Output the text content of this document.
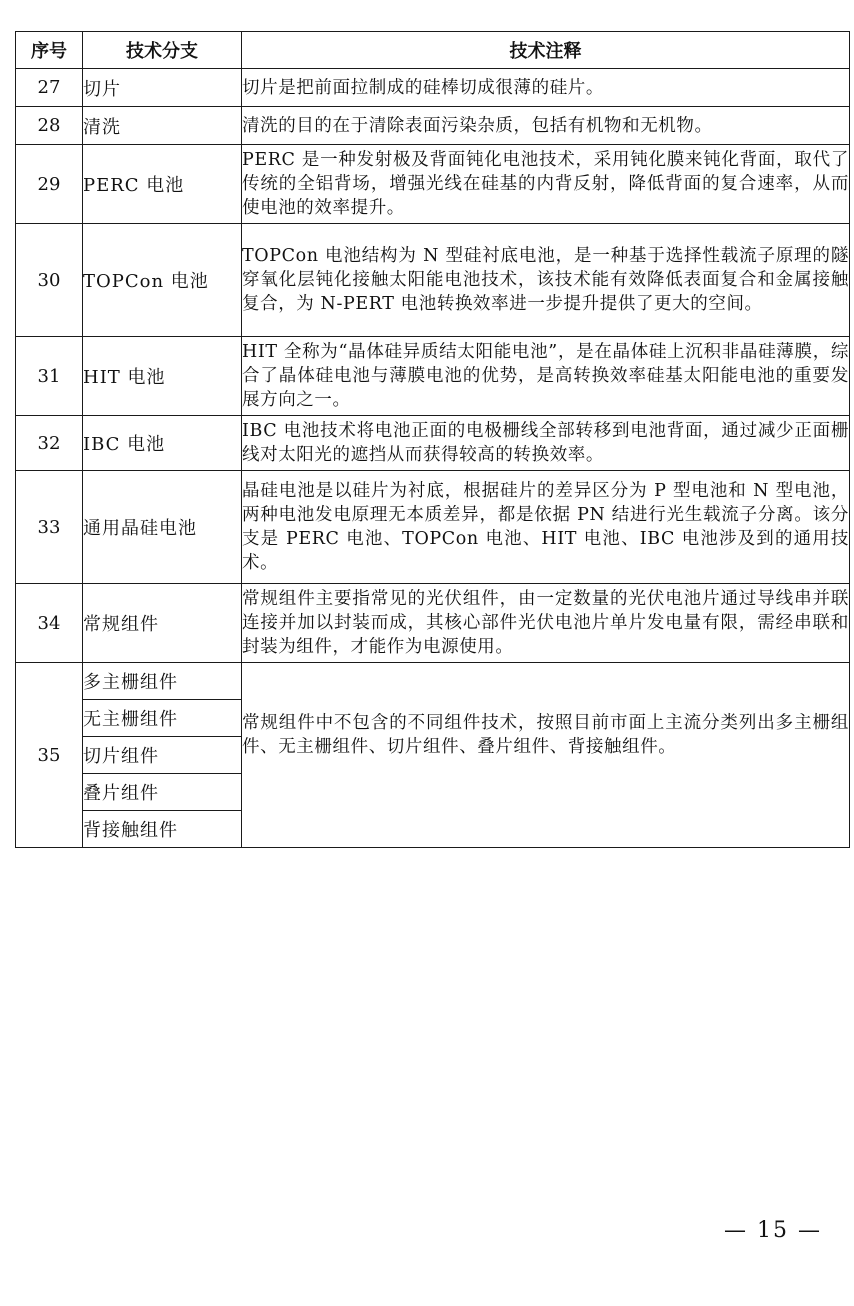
序号	技术分支	技术注释
27	切片	切片是把前面拉制成的硅棒切成很薄的硅片。
28	清洗	清洗的目的在于清除表面污染杂质，包括有机物和无机物。
29	PERC 电池	PERC 是一种发射极及背面钝化电池技术，采用钝化膜来钝化背面，取代了传统的全铝背场，增强光线在硅基的内背反射，降低背面的复合速率，从而使电池的效率提升。
30	TOPCon 电池	TOPCon 电池结构为 N 型硅衬底电池，是一种基于选择性载流子原理的隧穿氧化层钝化接触太阳能电池技术，该技术能有效降低表面复合和金属接触复合，为 N-PERT 电池转换效率进一步提升提供了更大的空间。
31	HIT 电池	HIT 全称为“晶体硅异质结太阳能电池”，是在晶体硅上沉积非晶硅薄膜，综合了晶体硅电池与薄膜电池的优势，是高转换效率硅基太阳能电池的重要发展方向之一。
32	IBC 电池	IBC 电池技术将电池正面的电极栅线全部转移到电池背面，通过减少正面栅线对太阳光的遮挡从而获得较高的转换效率。
33	通用晶硅电池	晶硅电池是以硅片为衬底，根据硅片的差异区分为 P 型电池和 N 型电池，两种电池发电原理无本质差异，都是依据 PN 结进行光生载流子分离。该分支是 PERC 电池、TOPCon 电池、HIT 电池、IBC 电池涉及到的通用技术。
34	常规组件	常规组件主要指常见的光伏组件，由一定数量的光伏电池片通过导线串并联连接并加以封装而成，其核心部件光伏电池片单片发电量有限，需经串联和封装为组件，才能作为电源使用。
35	多主栅组件	常规组件中不包含的不同组件技术，按照目前市面上主流分类列出多主栅组件、无主栅组件、切片组件、叠片组件、背接触组件。
	无主栅组件	
	切片组件	
	叠片组件	
	背接触组件	
— 15 —
